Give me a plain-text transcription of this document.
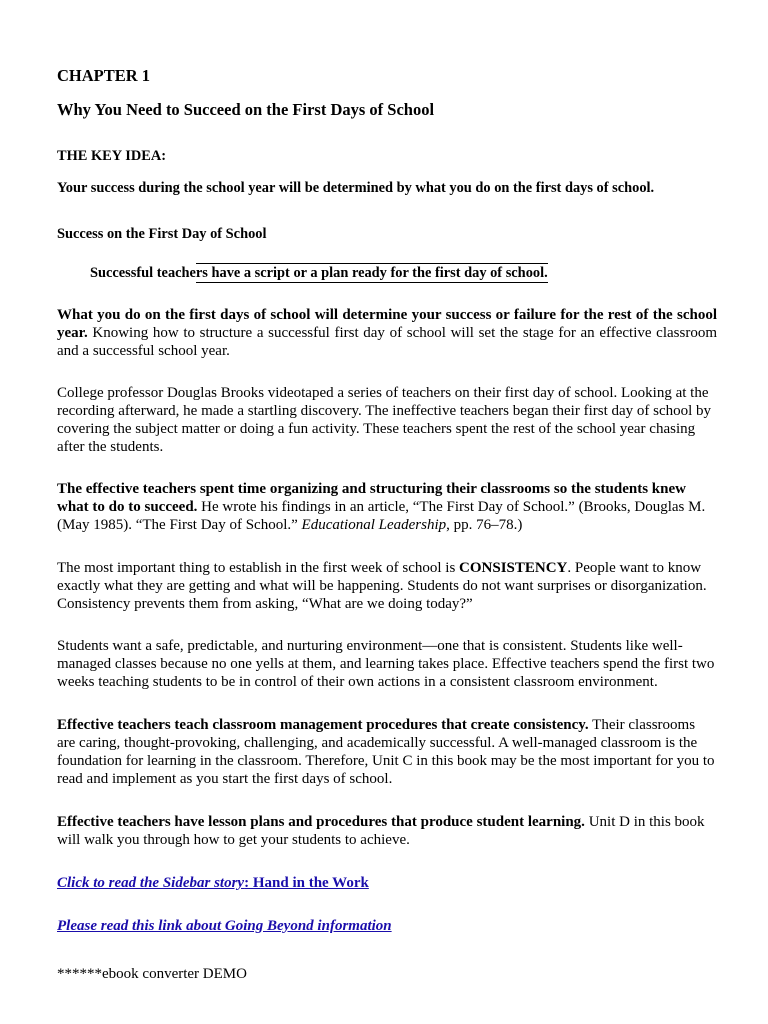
CHAPTER 1
Why You Need to Succeed on the First Days of School
THE KEY IDEA:
Your success during the school year will be determined by what you do on the first days of school.
Success on the First Day of School
Successful teachers have a script or a plan ready for the first day of school.

What you do on the first days of school will determine your success or failure for the rest of the school year. Knowing how to structure a successful first day of school will set the stage for an effective classroom and a successful school year.

College professor Douglas Brooks videotaped a series of teachers on their first day of school. Looking at the recording afterward, he made a startling discovery. The ineffective teachers began their first day of school by covering the subject matter or doing a fun activity. These teachers spent the rest of the school year chasing after the students.

The effective teachers spent time organizing and structuring their classrooms so the students knew what to do to succeed. He wrote his findings in an article, “The First Day of School.” (Brooks, Douglas M. (May 1985). “The First Day of School.” Educational Leadership, pp. 76–78.)

The most important thing to establish in the first week of school is CONSISTENCY. People want to know exactly what they are getting and what will be happening. Students do not want surprises or disorganization. Consistency prevents them from asking, “What are we doing today?”

Students want a safe, predictable, and nurturing environment—one that is consistent. Students like well-managed classes because no one yells at them, and learning takes place. Effective teachers spend the first two weeks teaching students to be in control of their own actions in a consistent classroom environment.

Effective teachers teach classroom management procedures that create consistency. Their classrooms are caring, thought-provoking, challenging, and academically successful. A well-managed classroom is the foundation for learning in the classroom. Therefore, Unit C in this book may be the most important for you to read and implement as you start the first days of school.

Effective teachers have lesson plans and procedures that produce student learning. Unit D in this book will walk you through how to get your students to achieve.

Click to read the Sidebar story: Hand in the Work
Please read this link about Going Beyond information
******ebook converter DEMO
